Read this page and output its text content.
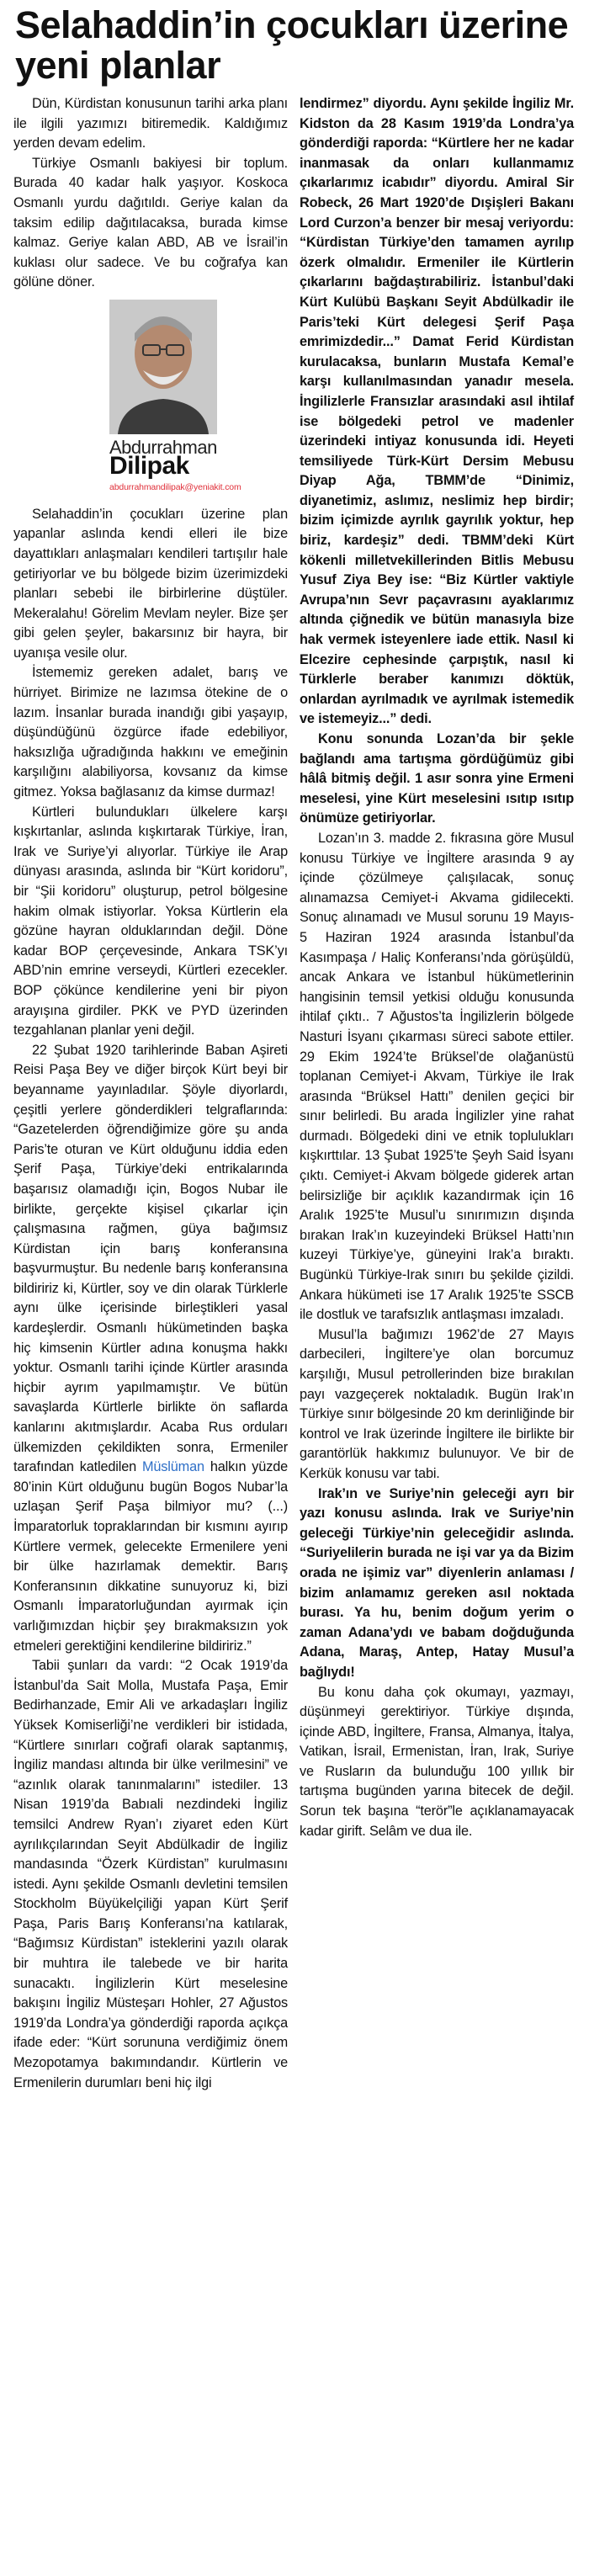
Selahaddin’in çocukları üzerine yeni planlar

Dün, Kürdistan konusunun tarihi arka planı ile ilgili yazımızı bitiremedik. Kaldığımız yerden devam edelim.

Türkiye Osmanlı bakiyesi bir toplum. Burada 40 kadar halk yaşıyor. Koskoca Osmanlı yurdu dağıtıldı. Geriye kalan da taksim edilip dağıtılacaksa, burada kimse kalmaz. Geriye kalan ABD, AB ve İsrail’in kuklası olur sadece. Ve bu coğrafya kan gölüne döner.

Abdurrahman
Dilipak
abdurrahmandilipak@yeniakit.com

Selahaddin’in çocukları üzerine plan yapanlar aslında kendi elleri ile bize dayattıkları anlaşmaları kendileri tartışılır hale getiriyorlar ve bu bölgede bizim üzerimizdeki planları sebebi ile birbirlerine düştüler. Mekeralahu! Görelim Mevlam neyler. Bize şer gibi gelen şeyler, bakarsınız bir hayra, bir uyanışa vesile olur.

İstememiz gereken adalet, barış ve hürriyet. Birimize ne lazımsa ötekine de o lazım. İnsanlar burada inandığı gibi yaşayıp, düşündüğünü özgürce ifade edebiliyor, haksızlığa uğradığında hakkını ve emeğinin karşılığını alabiliyorsa, kovsanız da kimse gitmez. Yoksa bağlasanız da kimse durmaz!

Kürtleri bulundukları ülkelere karşı kışkırtanlar, aslında kışkırtarak Türkiye, İran, Irak ve Suriye’yi alıyorlar. Türkiye ile Arap dünyası arasında, aslında bir “Kürt koridoru”, bir “Şii koridoru” oluşturup, petrol bölgesine hakim olmak istiyorlar. Yoksa Kürtlerin ela gözüne hayran olduklarından değil. Döne kadar BOP çerçevesinde, Ankara TSK’yı ABD’nin emrine verseydi, Kürtleri ezecekler. BOP çöküncе kendilerine yeni bir piyon arayışına girdiler. PKK ve PYD üzerinden tezgahlanan planlar yeni değil.

22 Şubat 1920 tarihlerinde Baban Aşireti Reisi Paşa Bey ve diğer birçok Kürt beyi bir beyanname yayınladılar. Şöyle diyorlardı, çeşitli yerlere gönderdikleri telgraflarında: “Gazetelerden öğrendiğimize göre şu anda Paris’te oturan ve Kürt olduğunu iddia eden Şerif Paşa, Türkiye’deki entrikalarında başarısız olamadığı için, Bogos Nubar ile birlikte, gerçekte kişisel çıkarlar için çalışmasına rağmen, güya bağımsız Kürdistan için barış konferansına başvurmuştur. Bu nedenle barış konferansına bildiririz ki, Kürtler, soy ve din olarak Türklerle aynı ülke içerisinde birleştikleri yasal kardeşlerdir. Osmanlı hükümetinden başka hiç kimsenin Kürtler adına konuşma hakkı yoktur. Osmanlı tarihi içinde Kürtler arasında hiçbir ayrım yapılmamıştır. Ve bütün savaşlarda Kürtlerle birlikte ön saflarda kanlarını akıtmışlardır. Acaba Rus orduları ülkemizden çekildikten sonra, Ermeniler tarafından katledilen Müslüman halkın yüzde 80’inin Kürt olduğunu bugün Bogos Nubar’la uzlaşan Şerif Paşa bilmiyor mu? (...) İmparatorluk topraklarından bir kısmını ayırıp Kürtlere vermek, gelecekte Ermenilere yeni bir ülke hazırlamak demektir. Barış Konferansının dikkatine sunuyoruz ki, bizi Osmanlı İmparatorluğundan ayırmak için varlığımızdan hiçbir şey bırakmaksızın yok etmeleri gerektiğini kendilerine bildiririz.”

Tabii şunları da vardı: “2 Ocak 1919’da İstanbul’da Sait Molla, Mustafa Paşa, Emir Bedirhanzade, Emir Ali ve arkadaşları İngiliz Yüksek Komiserliği’ne verdikleri bir istidada, “Kürtlere sınırları coğrafi olarak saptanmış, İngiliz mandası altında bir ülke verilmesini” ve “azınlık olarak tanınmalarını” istediler. 13 Nisan 1919’da Babıali nezdindeki İngiliz temsilci Andrew Ryan’ı ziyaret eden Kürt ayrılıkçılarından Seyit Abdülkadir de İngiliz mandasında “Özerk Kürdistan” kurulmasını istedi. Aynı şekilde Osmanlı devletini temsilen Stockholm Büyükelçiliği yapan Kürt Şerif Paşa, Paris Barış Konferansı’na katılarak, “Bağımsız Kürdistan” isteklerini yazılı olarak bir muhtıra ile talebede ve bir harita sunacaktı. İngilizlerin Kürt meselesine bakışını İngiliz Müsteşarı Hohler, 27 Ağustos 1919’da Londra’ya gönderdiği raporda açıkça ifade eder: “Kürt sorununa verdiğimiz önem Mezopotamya bakımındandır. Kürtlerin ve Ermenilerin durumları beni hiç ilgi

lendirmez” diyordu. Aynı şekilde İngiliz Mr. Kidston da 28 Kasım 1919’da Londra’ya gönderdiği raporda: “Kürtlere her ne kadar inanmasak da onları kullanmamız çıkarlarımız icabıdır” diyordu. Amiral Sir Robeck, 26 Mart 1920’de Dışişleri Bakanı Lord Curzon’a benzer bir mesaj veriyordu: “Kürdistan Türkiye’den tamamen ayrılıp özerk olmalıdır. Ermeniler ile Kürtlerin çıkarlarını bağdaştırabiliriz. İstanbul’daki Kürt Kulübü Başkanı Seyit Abdülkadir ile Paris’teki Kürt delegesi Şerif Paşa emrimizdedir...” Damat Ferid Kürdistan kurulacaksa, bunların Mustafa Kemal’e karşı kullanılmasından yanadır mesela. İngilizlerle Fransızlar arasındaki asıl ihtilaf ise bölgedeki petrol ve madenler üzerindeki intiyaz konusunda idi. Heyeti temsiliyede Türk-Kürt Dersim Mebusu Diyap Ağa, TBMM’de “Dinimiz, diyanetimiz, aslımız, neslimiz hep birdir; bizim içimizde ayrılık gayrılık yoktur, hep biriz, kardeşiz” dedi. TBMM’deki Kürt kökenli milletvekillerinden Bitlis Mebusu Yusuf Ziya Bey ise: “Biz Kürtler vaktiyle Avrupa’nın Sevr paçavrasını ayaklarımız altında çiğnedik ve bütün manasıyla bize hak vermek isteyenlere iade ettik. Nasıl ki Elcezire cephesinde çarpıştık, nasıl ki Türklerle beraber kanımızı döktük, onlardan ayrılmadık ve ayrılmak istemedik ve istemeyiz...” dedi.

Konu sonunda Lozan’da bir şekle bağlandı ama tartışma gördüğümüz gibi hâlâ bitmiş değil. 1 asır sonra yine Ermeni meselesi, yine Kürt meselesini ısıtıp ısıtıp önümüze getiriyorlar.

Lozan’ın 3. madde 2. fıkrasına göre Musul konusu Türkiye ve İngiltere arasında 9 ay içinde çözülmeye çalışılacak, sonuç alınamazsa Cemiyet-i Akvama gidilecekti. Sonuç alınamadı ve Musul sorunu 19 Mayıs- 5 Haziran 1924 arasında İstanbul’da Kasımpaşa / Haliç Konferansı’nda görüşüldü, ancak Ankara ve İstanbul hükümetlerinin hangisinin temsil yetkisi olduğu konusunda ihtilaf çıktı.. 7 Ağustos’ta İngilizlerin bölgede Nasturi İsyanı çıkarması süreci sabote ettiler. 29 Ekim 1924’te Brüksel’de olağanüstü toplanan Cemiyet-i Akvam, Türkiye ile Irak arasında “Brüksel Hattı” denilen geçici bir sınır belirledi. Bu arada İngilizler yine rahat durmadı. Bölgedeki dini ve etnik toplulukları kışkırttılar. 13 Şubat 1925’te Şeyh Said İsyanı çıktı. Cemiyet-i Akvam bölgede giderek artan belirsizliğe bir açıklık kazandırmak için 16 Aralık 1925’te Musul’u sınırımızın dışında bırakan Irak’ın kuzeyindeki Brüksel Hattı’nın kuzeyi Türkiye’ye, güneyini Irak’a bıraktı. Bugünkü Türkiye-Irak sınırı bu şekilde çizildi. Ankara hükümeti ise 17 Aralık 1925’te SSCB ile dostluk ve tarafsızlık antlaşması imzaladı.

Musul’la bağımızı 1962’de 27 Mayıs darbecileri, İngiltere’ye olan borcumuz karşılığı, Musul petrollerinden bize bırakılan payı vazgeçerek noktaladık. Bugün Irak’ın Türkiye sınır bölgesinde 20 km derinliğinde bir kontrol ve Irak üzerinde İngiltere ile birlikte bir garantörlük hakkımız bulunuyor. Ve bir de Kerkük konusu var tabi.

Irak’ın ve Suriye’nin geleceği ayrı bir yazı konusu aslında. Irak ve Suriye’nin geleceği Türkiye’nin geleceğidir aslında. “Suriyelilerin burada ne işi var ya da Bizim orada ne işimiz var” diyenlerin anlaması / bizim anlamamız gereken asıl noktada burası. Ya hu, benim doğum yerim o zaman Adana’ydı ve babam doğduğunda Adana, Maraş, Antep, Hatay Musul’a bağlıydı!

Bu konu daha çok okumayı, yazmayı, düşünmeyi gerektiriyor. Türkiye dışında, içinde ABD, İngiltere, Fransa, Almanya, İtalya, Vatikan, İsrail, Ermenistan, İran, Irak, Suriye ve Rusların da bulunduğu 100 yıllık bir tartışma bugünden yarına bitecek de değil. Sorun tek başına “terör”le açıklanamayacak kadar girift. Selâm ve dua ile.
